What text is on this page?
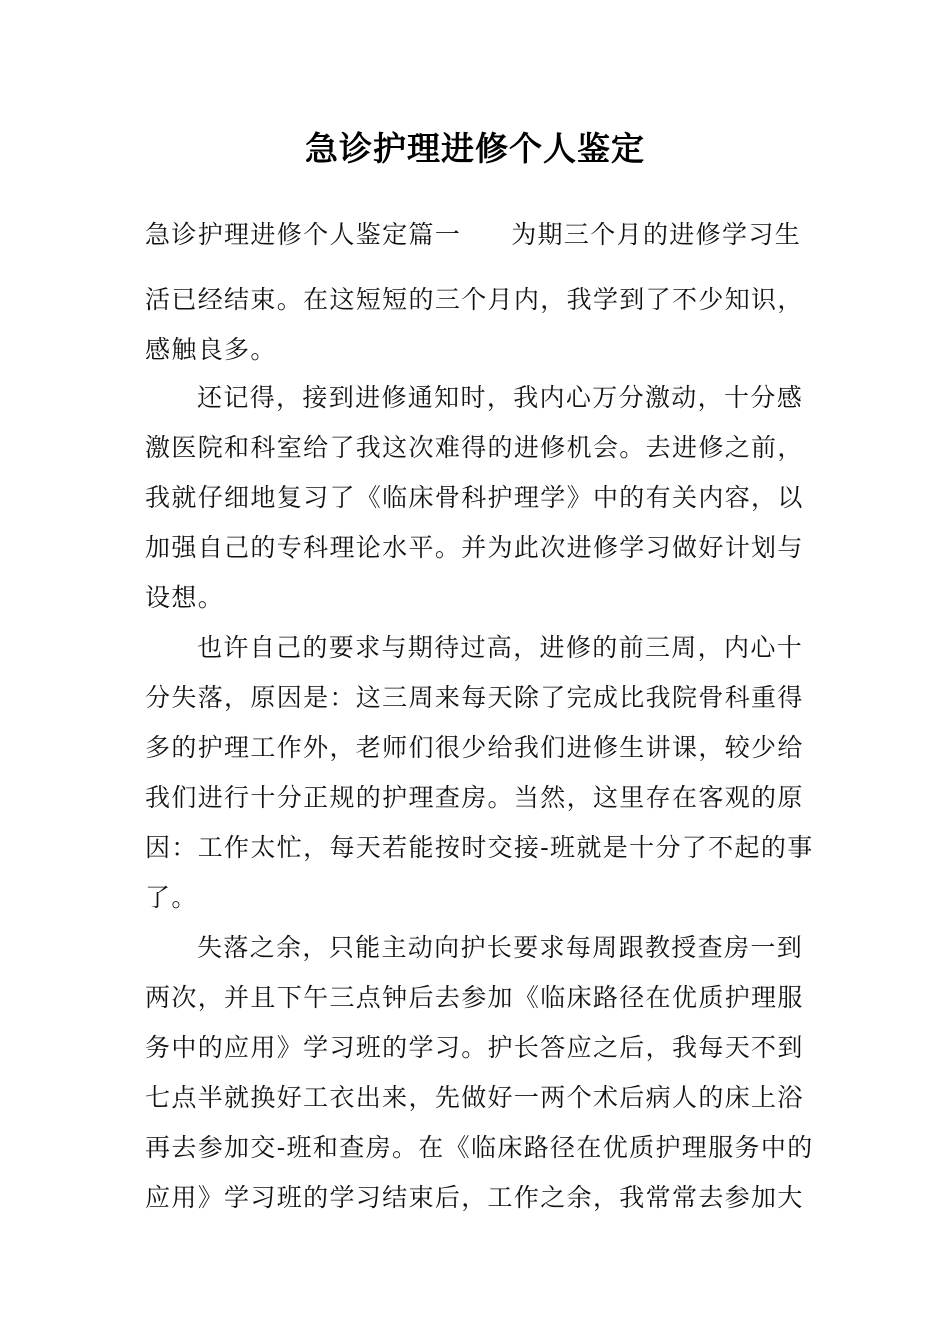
急诊护理进修个人鉴定
急诊护理进修个人鉴定篇一 为期三个月的进修学习生
活已经结束。在这短短的三个月内，我学到了不少知识，
感触良多。
还记得，接到进修通知时，我内心万分激动，十分感
激医院和科室给了我这次难得的进修机会。去进修之前，
我就仔细地复习了《临床骨科护理学》中的有关内容，以
加强自己的专科理论水平。并为此次进修学习做好计划与
设想。
也许自己的要求与期待过高，进修的前三周，内心十
分失落，原因是：这三周来每天除了完成比我院骨科重得
多的护理工作外，老师们很少给我们进修生讲课，较少给
我们进行十分正规的护理查房。当然，这里存在客观的原
因：工作太忙，每天若能按时交接-班就是十分了不起的事
了。
失落之余，只能主动向护长要求每周跟教授查房一到
两次，并且下午三点钟后去参加《临床路径在优质护理服
务中的应用》学习班的学习。护长答应之后，我每天不到
七点半就换好工衣出来，先做好一两个术后病人的床上浴
再去参加交-班和查房。在《临床路径在优质护理服务中的
应用》学习班的学习结束后，工作之余，我常常去参加大
